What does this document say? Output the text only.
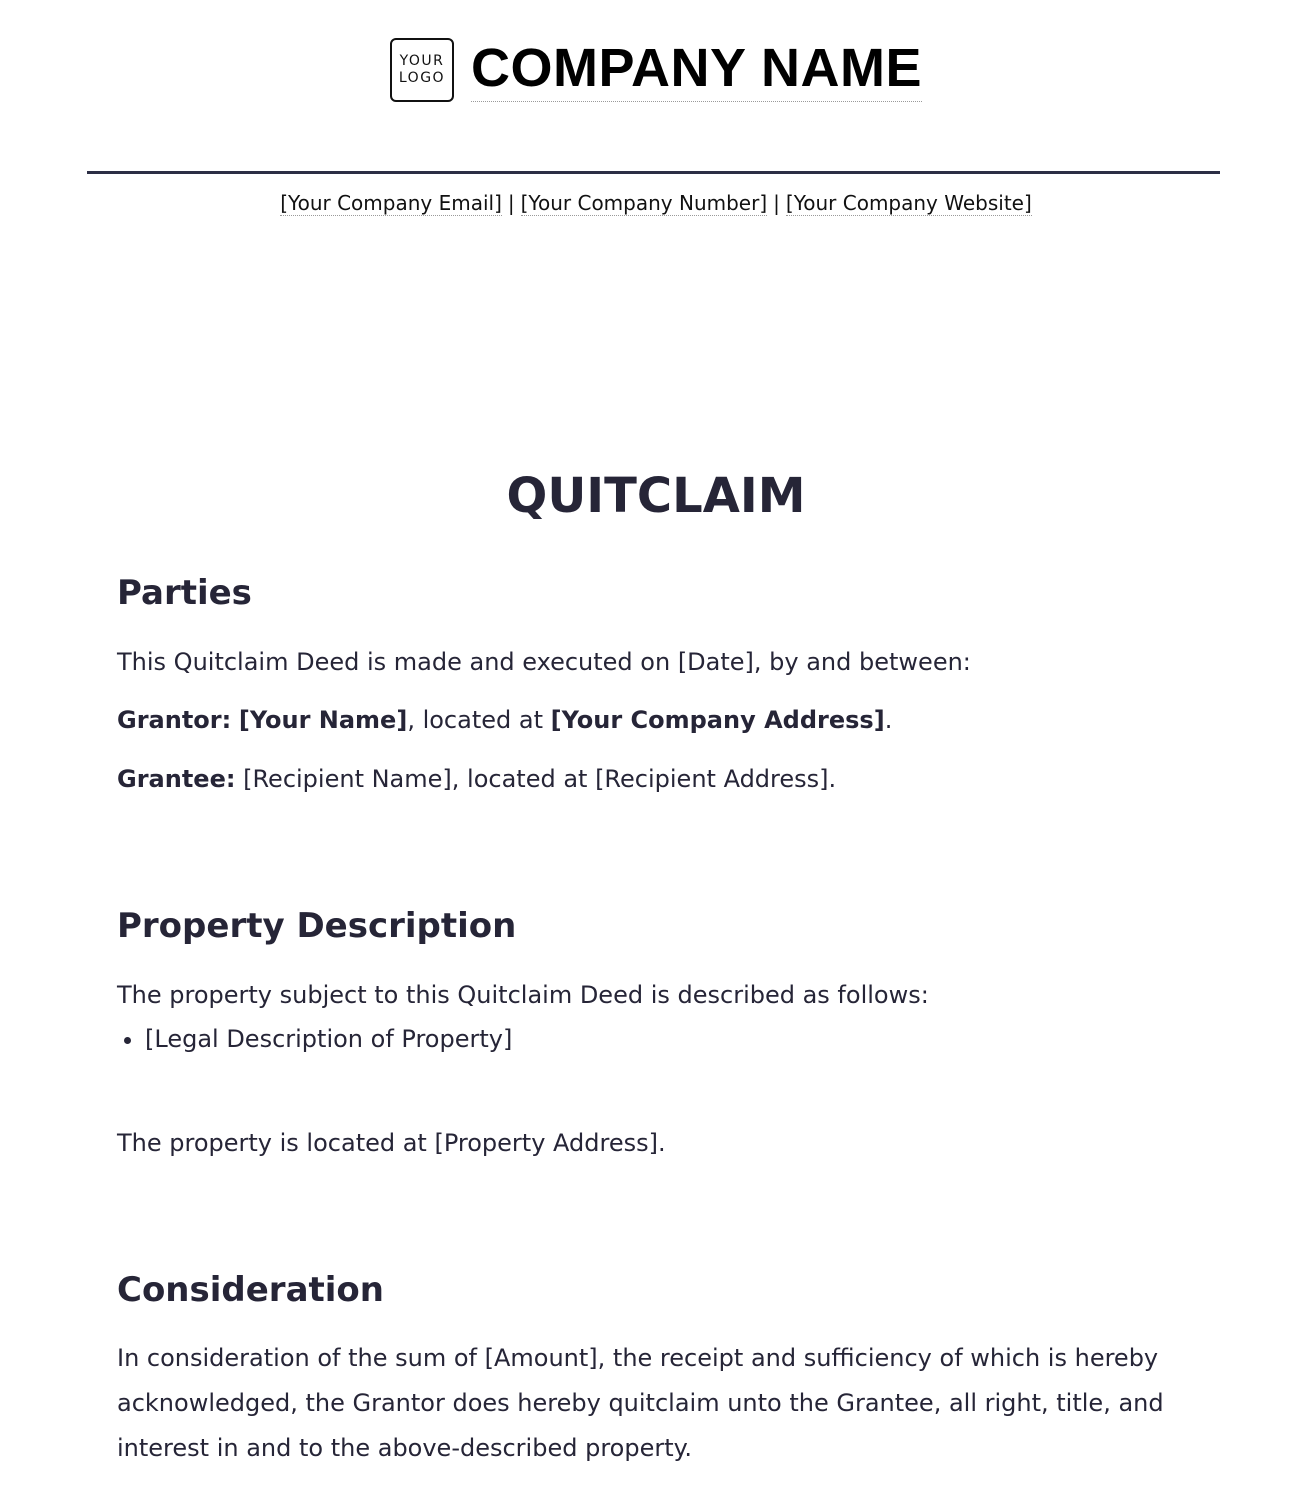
YOUR
LOGO COMPANY NAME
[Your Company Email] | [Your Company Number] | [Your Company Website]
QUITCLAIM
Parties

This Quitclaim Deed is made and executed on [Date], by and between:

Grantor: [Your Name], located at [Your Company Address].

Grantee: [Recipient Name], located at [Recipient Address].

Property Description

The property subject to this Quitclaim Deed is described as follows:

[Legal Description of Property]

The property is located at [Property Address].

Consideration

In consideration of the sum of [Amount], the receipt and sufficiency of which is hereby acknowledged, the Grantor does hereby quitclaim unto the Grantee, all right, title, and interest in and to the above-described property.
